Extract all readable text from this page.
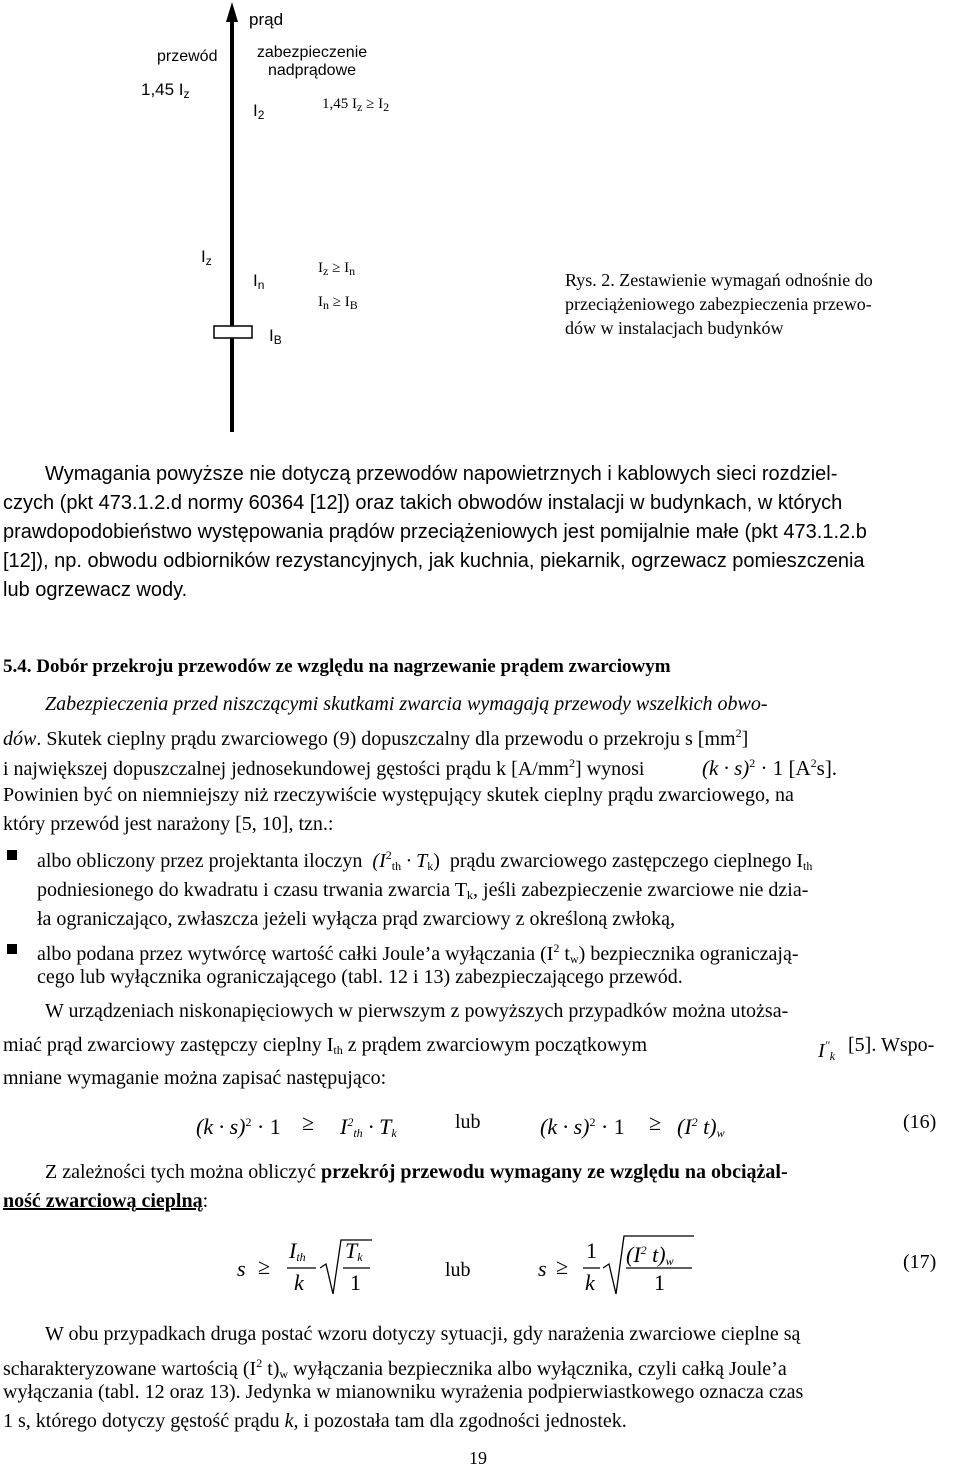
prąd
przewód
1,45 $I_z$
zabezpieczenie
nadprądowe
$I_2$
1,45 $I_z \ge I_2$
$I_z$
$I_n$
$I_B$
$I_z \ge I_n$
$I_n \ge I_B$
Rys. 2. Zestawienie wymagań odnośnie do
przeciążeniowego zabezpieczenia przewo-
dów w instalacjach budynków
Wymagania powyższe nie dotyczą przewodów napowietrznych i kablowych sieci rozdziel-
czych (pkt 473.1.2.d normy 60364 [12]) oraz takich obwodów instalacji w budynkach, w których
prawdopodobieństwo występowania prądów przeciążeniowych jest pomijalnie małe (pkt 473.1.2.b
[12]), np. obwodu odbiorników rezystancyjnych, jak kuchnia, piekarnik, ogrzewacz pomieszczenia
lub ogrzewacz wody.
5.4. Dobór przekroju przewodów ze względu na nagrzewanie prądem zwarciowym
Zabezpieczenia przed niszczącymi skutkami zwarcia wymagają przewody wszelkich obwo-
dów. Skutek cieplny prądu zwarciowego (9) dopuszczalny dla przewodu o przekroju s $[mm^2]$
i największej dopuszczalnej jednosekundowej gęstości prądu k $[A/mm^2]$ wynosi	$(k \cdot s)^2 \cdot 1$ $[A^2s]$.
Powinien być on niemniejszy niż rzeczywiście występujący skutek cieplny prądu zwarciowego, na
który przewód jest narażony [5, 10], tzn.:
albo obliczony przez projektanta iloczyn $(I^2_{th} \cdot T_k)$ prądu zwarciowego zastępczego cieplnego $I_{th}$
podniesionego do kwadratu i czasu trwania zwarcia $T_k$, jeśli zabezpieczenie zwarciowe nie dzia-
ła ograniczająco, zwłaszcza jeżeli wyłącza prąd zwarciowy z określoną zwłoką,
albo podana przez wytwórcę wartość całki Joule’a wyłączania ($I^2$ $t_w$) bezpiecznika ograniczają-
cego lub wyłącznika ograniczającego (tabl. 12 i 13) zabezpieczającego przewód.
W urządzeniach niskonapięciowych w pierwszym z powyższych przypadków można utożsa-
miać prąd zwarciowy zastępczy cieplny $I_{th}$ z prądem zwarciowym początkowym	$I^"_k$ [5]. Wspo-
mniane wymaganie można zapisać następująco:
$(k \cdot s)^2 \cdot 1 \ge I^2_{th} \cdot T_k$	lub	$(k \cdot s)^2 \cdot 1 \ge (I^2$ $t)_w$	(16)
Z zależności tych można obliczyć przekrój przewodu wymagany ze względu na obciążal-
ność zwarciową cieplną:
s ≥
$I_{th}$
k
$T_k$
1	lub	s ≥
1
k
($I^2$ $t)_w$
1
(17)
W obu przypadkach druga postać wzoru dotyczy sytuacji, gdy narażenia zwarciowe cieplne są
scharakteryzowane wartością ($I^2$ $t)_w$ wyłączania bezpiecznika albo wyłącznika, czyli całką Joule’a
wyłączania (tabl. 12 oraz 13). Jedynka w mianowniku wyrażenia podpierwiastkowego oznacza czas
1 s, którego dotyczy gęstość prądu k, i pozostała tam dla zgodności jednostek.
19
